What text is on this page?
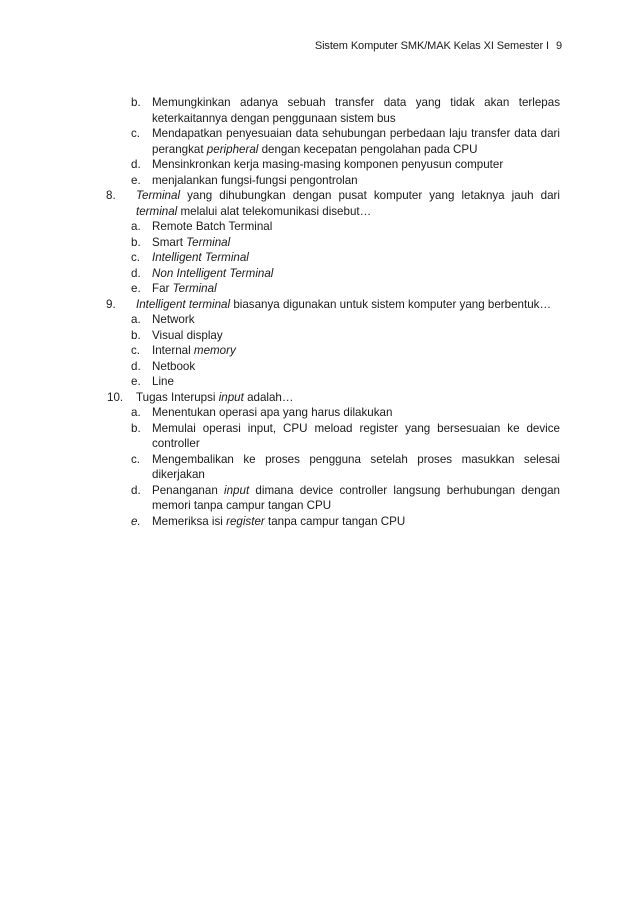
Sistem Komputer SMK/MAK Kelas XI Semester I 9
b. Memungkinkan adanya sebuah transfer data yang tidak akan terlepas keterkaitannya dengan penggunaan sistem bus
c. Mendapatkan penyesuaian data sehubungan perbedaan laju transfer data dari perangkat peripheral dengan kecepatan pengolahan pada CPU
d. Mensinkronkan kerja masing-masing komponen penyusun computer
e. menjalankan fungsi-fungsi pengontrolan
8. Terminal yang dihubungkan dengan pusat komputer yang letaknya jauh dari terminal melalui alat telekomunikasi disebut…
a. Remote Batch Terminal
b. Smart Terminal
c. Intelligent Terminal
d. Non Intelligent Terminal
e. Far Terminal
9. Intelligent terminal biasanya digunakan untuk sistem komputer yang berbentuk…
a. Network
b. Visual display
c. Internal memory
d. Netbook
e. Line
10. Tugas Interupsi input adalah…
a. Menentukan operasi apa yang harus dilakukan
b. Memulai operasi input, CPU meload register yang bersesuaian ke device controller
c. Mengembalikan ke proses pengguna setelah proses masukkan selesai dikerjakan
d. Penanganan input dimana device controller langsung berhubungan dengan memori tanpa campur tangan CPU
e. Memeriksa isi register tanpa campur tangan CPU
